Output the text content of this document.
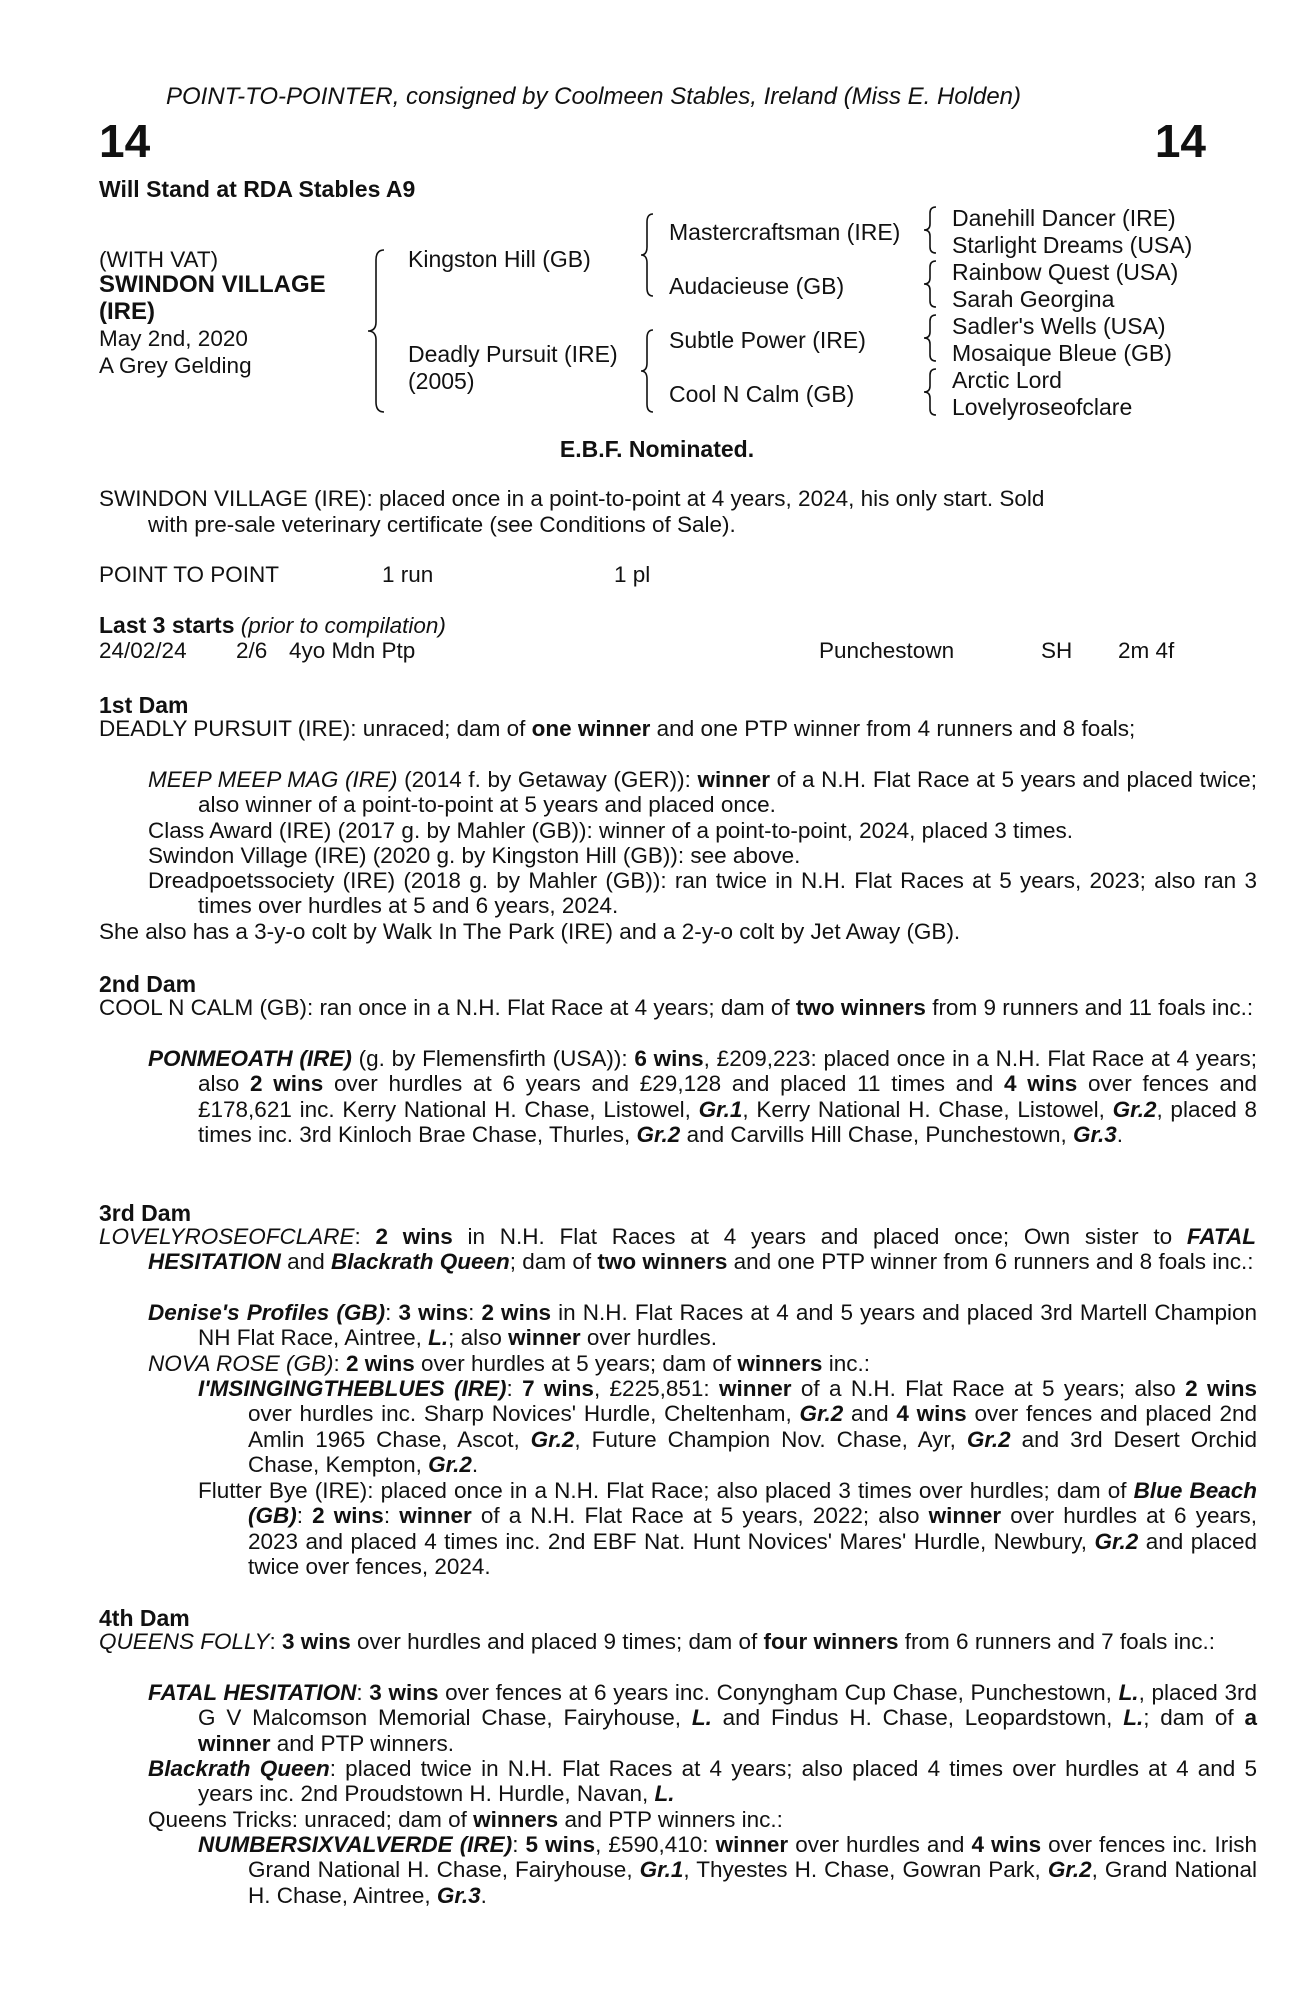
POINT-TO-POINTER, consigned by Coolmeen Stables, Ireland (Miss E. Holden)
14	14
Will Stand at RDA Stables A9
(WITH VAT)
SWINDON VILLAGE
(IRE)
May 2nd, 2020
A Grey Gelding
Kingston Hill (GB)
Deadly Pursuit (IRE)
(2005)
Mastercraftsman (IRE)
Audacieuse (GB)
Subtle Power (IRE)
Cool N Calm (GB)
Danehill Dancer (IRE)
Starlight Dreams (USA)
Rainbow Quest (USA)
Sarah Georgina
Sadler's Wells (USA)
Mosaique Bleue (GB)
Arctic Lord
Lovelyroseofclare
E.B.F. Nominated.
SWINDON VILLAGE (IRE): placed once in a point-to-point at 4 years, 2024, his only start. Sold
with pre-sale veterinary certificate (see Conditions of Sale).
POINT TO POINT	1 run	1 pl
Last 3 starts (prior to compilation)
24/02/24 2/6 4yo Mdn Ptp	Punchestown	SH 2m 4f
1st Dam
DEADLY PURSUIT (IRE): unraced; dam of one winner and one PTP winner from 4 runners and 8 foals;
MEEP MEEP MAG (IRE) (2014 f. by Getaway (GER)): winner of a N.H. Flat Race at 5 years and placed twice; also winner of a point-to-point at 5 years and placed once.
Class Award (IRE) (2017 g. by Mahler (GB)): winner of a point-to-point, 2024, placed 3 times.
Swindon Village (IRE) (2020 g. by Kingston Hill (GB)): see above.
Dreadpoetssociety (IRE) (2018 g. by Mahler (GB)): ran twice in N.H. Flat Races at 5 years, 2023; also ran 3 times over hurdles at 5 and 6 years, 2024.
She also has a 3-y-o colt by Walk In The Park (IRE) and a 2-y-o colt by Jet Away (GB).
2nd Dam
COOL N CALM (GB): ran once in a N.H. Flat Race at 4 years; dam of two winners from 9 runners and 11 foals inc.:
PONMEOATH (IRE) (g. by Flemensfirth (USA)): 6 wins, £209,223: placed once in a N.H. Flat Race at 4 years; also 2 wins over hurdles at 6 years and £29,128 and placed 11 times and 4 wins over fences and £178,621 inc. Kerry National H. Chase, Listowel, Gr.1, Kerry National H. Chase, Listowel, Gr.2, placed 8 times inc. 3rd Kinloch Brae Chase, Thurles, Gr.2 and Carvills Hill Chase, Punchestown, Gr.3.
3rd Dam
LOVELYROSEOFCLARE: 2 wins in N.H. Flat Races at 4 years and placed once; Own sister to FATAL HESITATION and Blackrath Queen; dam of two winners and one PTP winner from 6 runners and 8 foals inc.:
Denise's Profiles (GB): 3 wins: 2 wins in N.H. Flat Races at 4 and 5 years and placed 3rd Martell Champion NH Flat Race, Aintree, L.; also winner over hurdles.
NOVA ROSE (GB): 2 wins over hurdles at 5 years; dam of winners inc.:
I'MSINGINGTHEBLUES (IRE): 7 wins, £225,851: winner of a N.H. Flat Race at 5 years; also 2 wins over hurdles inc. Sharp Novices' Hurdle, Cheltenham, Gr.2 and 4 wins over fences and placed 2nd Amlin 1965 Chase, Ascot, Gr.2, Future Champion Nov. Chase, Ayr, Gr.2 and 3rd Desert Orchid Chase, Kempton, Gr.2.
Flutter Bye (IRE): placed once in a N.H. Flat Race; also placed 3 times over hurdles; dam of Blue Beach (GB): 2 wins: winner of a N.H. Flat Race at 5 years, 2022; also winner over hurdles at 6 years, 2023 and placed 4 times inc. 2nd EBF Nat. Hunt Novices' Mares' Hurdle, Newbury, Gr.2 and placed twice over fences, 2024.
4th Dam
QUEENS FOLLY: 3 wins over hurdles and placed 9 times; dam of four winners from 6 runners and 7 foals inc.:
FATAL HESITATION: 3 wins over fences at 6 years inc. Conyngham Cup Chase, Punchestown, L., placed 3rd G V Malcomson Memorial Chase, Fairyhouse, L. and Findus H. Chase, Leopardstown, L.; dam of a winner and PTP winners.
Blackrath Queen: placed twice in N.H. Flat Races at 4 years; also placed 4 times over hurdles at 4 and 5 years inc. 2nd Proudstown H. Hurdle, Navan, L.
Queens Tricks: unraced; dam of winners and PTP winners inc.:
NUMBERSIXVALVERDE (IRE): 5 wins, £590,410: winner over hurdles and 4 wins over fences inc. Irish Grand National H. Chase, Fairyhouse, Gr.1, Thyestes H. Chase, Gowran Park, Gr.2, Grand National H. Chase, Aintree, Gr.3.
